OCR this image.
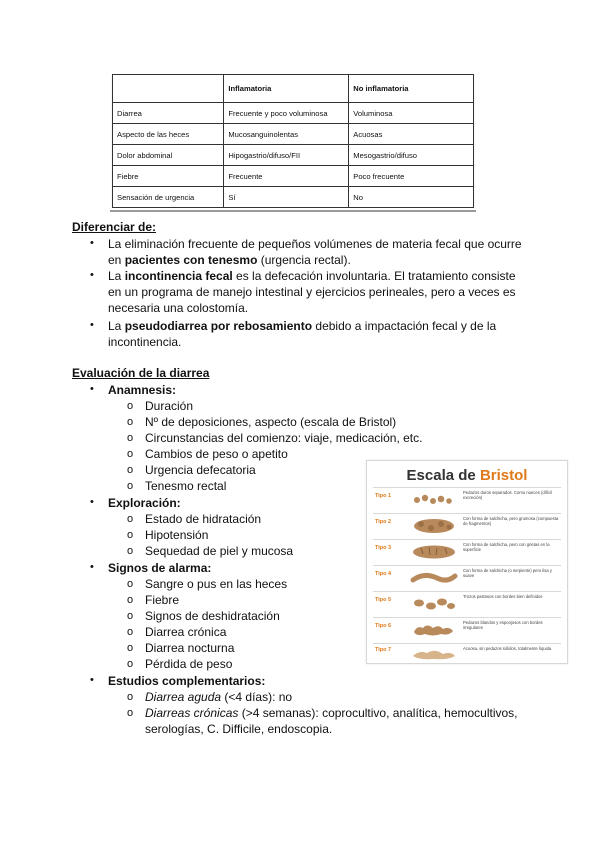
	Inflamatoria	No inflamatoria
Diarrea	Frecuente y poco voluminosa	Voluminosa
Aspecto de las heces	Mucosanguinolentas	Acuosas
Dolor abdominal	Hipogastrio/difuso/FII	Mesogastrio/difuso
Fiebre	Frecuente	Poco frecuente
Sensación de urgencia	Sí	No
Diferenciar de:
• La eliminación frecuente de pequeños volúmenes de materia fecal que ocurre
en pacientes con tenesmo (urgencia rectal).
• La incontinencia fecal es la defecación involuntaria. El tratamiento consiste
en un programa de manejo intestinal y ejercicios perineales, pero a veces es
necesaria una colostomía.
• La pseudodiarrea por rebosamiento debido a impactación fecal y de la
incontinencia.
Evaluación de la diarrea
• Anamnesis:
o Duración
o Nº de deposiciones, aspecto (escala de Bristol)
o Circunstancias del comienzo: viaje, medicación, etc.
o Cambios de peso o apetito
o Urgencia defecatoria
o Tenesmo rectal
• Exploración:
o Estado de hidratación
o Hipotensión
o Sequedad de piel y mucosa
• Signos de alarma:
o Sangre o pus en las heces
o Fiebre
o Signos de deshidratación
o Diarrea crónica
o Diarrea nocturna
o Pérdida de peso
• Estudios complementarios:
o Diarrea aguda (<4 días): no
o Diarreas crónicas (>4 semanas): coprocultivo, analítica, hemocultivos,
serologías, C. Difficile, endoscopia.
Escala de Bristol
Tipo 1
Pedazos duros separados. Como nueces (difícil excreción)
Tipo 2
Con forma de salchicha, pero grumosa (compuesta de fragmentos)
Tipo 3
Con forma de salchicha, pero con grietas en la superficie
Tipo 4
Con forma de salchicha (o serpiente) pero lisa y suave
Tipo 5
Trozos pastosos con bordes bien definidos
Tipo 6
Pedazos blandos y esponjosos con bordes irregulares
Tipo 7	Acuosa, sin pedazos sólidos, totalmente líquida
